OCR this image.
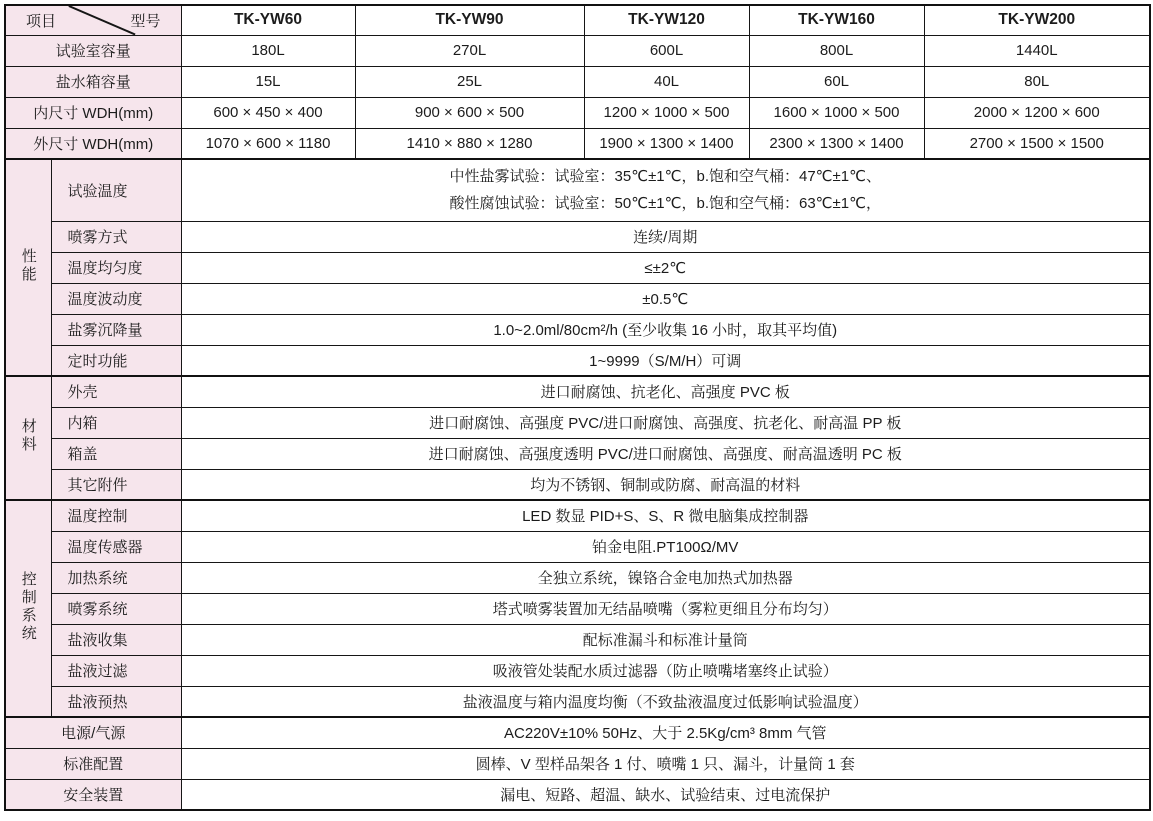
项目 型号		TK-YW60	TK-YW90	TK-YW120	TK-YW160	TK-YW200
试验室容量		180L	270L	600L	800L	1440L
盐水箱容量		15L	25L	40L	60L	80L
内尺寸 WDH(mm)		600 × 450 × 400	900 × 600 × 500	1200 × 1000 × 500	1600 × 1000 × 500	2000 × 1200 × 600
外尺寸 WDH(mm)		1070 × 600 × 1180	1410 × 880 × 1280	1900 × 1300 × 1400	2300 × 1300 × 1400	2700 × 1500 × 1500
性能	试验温度	中性盐雾试验：试验室：35℃±1℃，b.饱和空气桶：47℃±1℃、
酸性腐蚀试验：试验室：50℃±1℃，b.饱和空气桶：63℃±1℃，				

	喷雾方式	连续/周期				
	温度均匀度	≤±2℃				
	温度波动度	±0.5℃				
	盐雾沉降量	1.0~2.0ml/80cm²/h (至少收集 16 小时，取其平均值)				
	定时功能	1~9999（S/M/H）可调				
材料	外壳	进口耐腐蚀、抗老化、高强度 PVC 板				
	内箱	进口耐腐蚀、高强度 PVC/进口耐腐蚀、高强度、抗老化、耐高温 PP 板				
	箱盖	进口耐腐蚀、高强度透明 PVC/进口耐腐蚀、高强度、耐高温透明 PC 板				
	其它附件	均为不锈钢、铜制或防腐、耐高温的材料				
控制系统	温度控制	LED 数显 PID+S、S、R 微电脑集成控制器				
	温度传感器	铂金电阻.PT100Ω/MV				
	加热系统	全独立系统，镍铬合金电加热式加热器				
	喷雾系统	塔式喷雾装置加无结晶喷嘴（雾粒更细且分布均匀）				
	盐液收集	配标准漏斗和标准计量筒				
	盐液过滤	吸液管处装配水质过滤器（防止喷嘴堵塞终止试验）				
	盐液预热	盐液温度与箱内温度均衡（不致盐液温度过低影响试验温度）				
电源/气源		AC220V±10% 50Hz、大于 2.5Kg/cm³ 8mm 气管				
标准配置		圆棒、V 型样品架各 1 付、喷嘴 1 只、漏斗，计量筒 1 套				
安全装置		漏电、短路、超温、缺水、试验结束、过电流保护				
